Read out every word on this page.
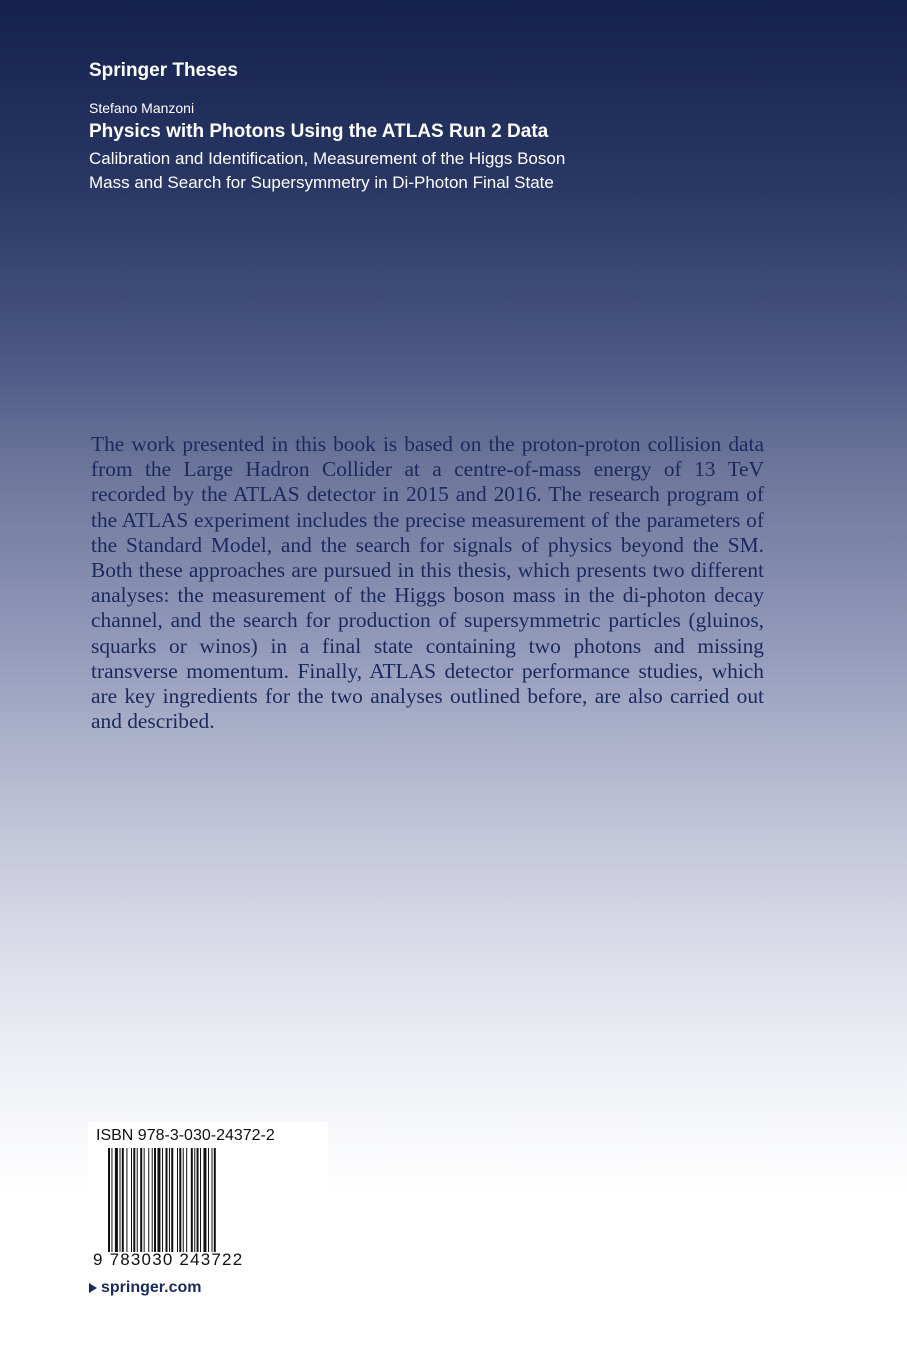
Springer Theses
Stefano Manzoni
Physics with Photons Using the ATLAS Run 2 Data
Calibration and Identification, Measurement of the Higgs Boson Mass and Search for Supersymmetry in Di-Photon Final State
The work presented in this book is based on the proton-proton collision data from the Large Hadron Collider at a centre-of-mass energy of 13 TeV recorded by the ATLAS detector in 2015 and 2016. The research program of the ATLAS experiment includes the precise measurement of the parameters of the Standard Model, and the search for signals of physics beyond the SM. Both these approaches are pursued in this thesis, which presents two different analyses: the measurement of the Higgs boson mass in the di-photon decay channel, and the search for production of supersymmetric particles (gluinos, squarks or winos) in a final state containing two photons and missing transverse momentum. Finally, ATLAS detector performance studies, which are key ingredients for the two analyses outlined before, are also carried out and described.
ISBN 978-3-030-24372-2
9 783030 243722
springer.com
